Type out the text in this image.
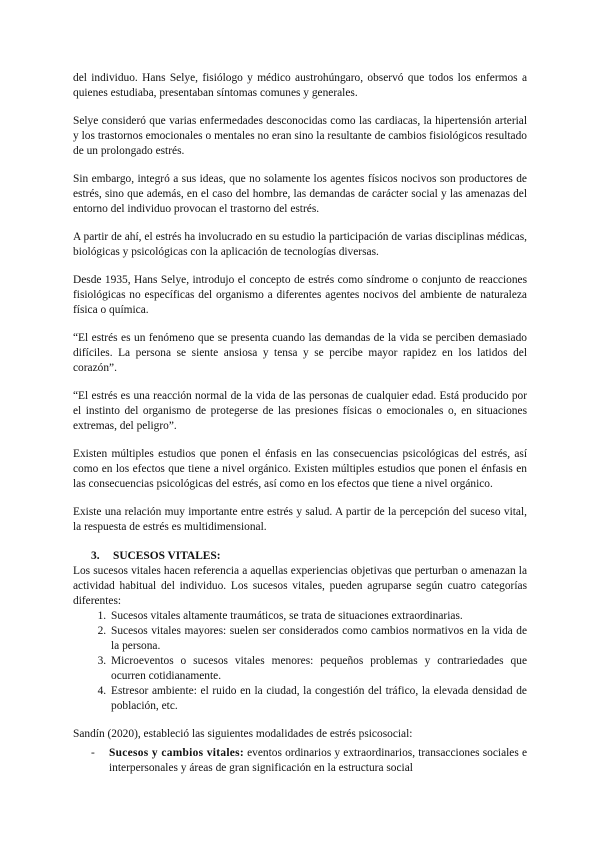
del individuo. Hans Selye, fisiólogo y médico austrohúngaro, observó que todos los enfermos a quienes estudiaba, presentaban síntomas comunes y generales.

Selye consideró que varias enfermedades desconocidas como las cardiacas, la hipertensión arterial y los trastornos emocionales o mentales no eran sino la resultante de cambios fisiológicos resultado de un prolongado estrés.

Sin embargo, integró a sus ideas, que no solamente los agentes físicos nocivos son productores de estrés, sino que además, en el caso del hombre, las demandas de carácter social y las amenazas del entorno del individuo provocan el trastorno del estrés.

A partir de ahí, el estrés ha involucrado en su estudio la participación de varias disciplinas médicas, biológicas y psicológicas con la aplicación de tecnologías diversas.

Desde 1935, Hans Selye, introdujo el concepto de estrés como síndrome o conjunto de reacciones fisiológicas no específicas del organismo a diferentes agentes nocivos del ambiente de naturaleza física o química.

“El estrés es un fenómeno que se presenta cuando las demandas de la vida se perciben demasiado difíciles. La persona se siente ansiosa y tensa y se percibe mayor rapidez en los latidos del corazón”.

“El estrés es una reacción normal de la vida de las personas de cualquier edad. Está producido por el instinto del organismo de protegerse de las presiones físicas o emocionales o, en situaciones extremas, del peligro”.

Existen múltiples estudios que ponen el énfasis en las consecuencias psicológicas del estrés, así como en los efectos que tiene a nivel orgánico. Existen múltiples estudios que ponen el énfasis en las consecuencias psicológicas del estrés, así como en los efectos que tiene a nivel orgánico.

Existe una relación muy importante entre estrés y salud. A partir de la percepción del suceso vital, la respuesta de estrés es multidimensional.

3. SUCESOS VITALES:

Los sucesos vitales hacen referencia a aquellas experiencias objetivas que perturban o amenazan la actividad habitual del individuo. Los sucesos vitales, pueden agruparse según cuatro categorías diferentes:

1. Sucesos vitales altamente traumáticos, se trata de situaciones extraordinarias.
2. Sucesos vitales mayores: suelen ser considerados como cambios normativos en la vida de la persona.
3. Microeventos o sucesos vitales menores: pequeños problemas y contrariedades que ocurren cotidianamente.
4. Estresor ambiente: el ruido en la ciudad, la congestión del tráfico, la elevada densidad de población, etc.

Sandín (2020), estableció las siguientes modalidades de estrés psicosocial:

- Sucesos y cambios vitales: eventos ordinarios y extraordinarios, transacciones sociales e interpersonales y áreas de gran significación en la estructura social
